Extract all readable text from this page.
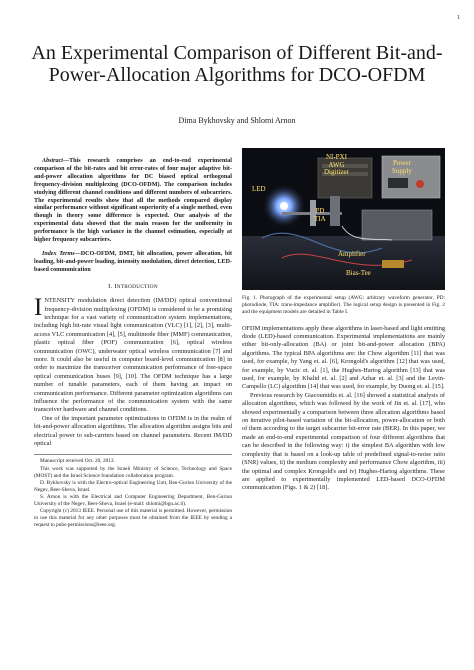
1
An Experimental Comparison of Different Bit-and-Power-Allocation Algorithms for DCO-OFDM
Dima Bykhovsky and Shlomi Arnon

Abstract—This research comprises an end-to-end experimental comparison of the bit-rates and bit error-rates of four major adaptive bit-and-power allocation algorithms for DC biased optical orthogonal frequency-division multiplexing (DCO-OFDM). The comparison includes studying different channel conditions and different numbers of subcarriers. The experimental results show that all the methods compared display similar performance without significant superiority of a single method, even though in theory some difference is expected. Our analysis of the experimental data showed that the main reason for the uniformity in performance is the high variance in the channel estimation, especially at higher frequency subcarriers.

Index Terms—DCO-OFDM, DMT, bit allocation, power allocation, bit loading, bit-and-power loading, intensity modulation, direct detection, LED-based communication

I. INTRODUCTION

INTENSITY modulation direct detection (IM/DD) optical conventional frequency-division multiplexing (OFDM) is considered to be a promising technique for a vast variety of communication system implementations, including high bit-rate visual light communication (VLC) [1], [2], [3], multi-access VLC communication [4], [5], multimode fiber (MMF) communication, plastic optical fiber (POF) communication [6], optical wireless communication (OWC), underwater optical wireless communication [7] and more. It could also be useful in computer board-level communication [8] in order to maximize the transceiver communication performance of free-space optical communication buses [9], [10]. The OFDM technique has a large number of tunable parameters, each of them having an impact on communication performance. Different parameter optimization algorithms can influence the performance of the communication system with the same transceiver hardware and channel conditions.

One of the important parameter optimizations in OFDM is in the realm of bit-and-power allocation algorithms. The allocation algorithm assigns bits and electrical power to sub-carriers based on channel parameters. Recent IM/DD optical

Manuscript received Oct. 20, 2013.

This work was supported by the Israeli Ministry of Science, Technology and Space (MOST) and the Israel Science foundation collaboration program.

D. Bykhovsky is with the Electro-optical Engineering Unit, Ben-Gurion University of the Negev, Beer-Sheva, Israel.

S. Arnon is with the Electrical and Computer Engineering Department, Ben-Gurion University of the Negev, Beer-Sheva, Israel (e-mail: shlomi@bgu.ac.il).

Copyright (c) 2013 IEEE. Personal use of this material is permitted. However, permission to use this material for any other purposes must be obtained from the IEEE by sending a request to pubs-permissions@ieee.org.

LED
NI-PXI
AWG
Digitizer
Power
Supply
PD
TIA
Amplifier
Bias-Tee

Fig. 1. Photograph of the experimental setup (AWG: arbitrary waveform generator, PD: photodiode, TIA: trans-impedance amplifier). The logical setup design is presented in Fig. 2 and the equipment models are detailed in Table I.

OFDM implementations apply these algorithms in laser-based and light emitting diode (LED)-based communication. Experimental implementations are mainly either bit-only-allocation (BA) or joint bit-and-power allocation (BPA) algorithms. The typical BPA algorithms are: the Chow algorithm [11] that was used, for example, by Yang et. al. [6], Krongold's algorithm [12] that was used, for example, by Vucic et. al. [1], the Hughes-Hartog algorithm [13] that was used, for example, by Khalid et. al. [2] and Azhar et. al. [3] and the Levin-Campello (LC) algorithm [14] that was used, for example, by Duong et. al. [15].

Previous research by Giacoumidis et. al. [16] showed a statistical analysis of allocation algorithms, which was followed by the work of Jin et. al. [17], who showed experimentally a comparison between three allocation algorithms based on iterative pilot-based variation of the bit-allocation, power-allocation or both of them according to the target subcarrier bit-error rate (BER). In this paper, we made an end-to-end experimental comparison of four different algorithms that can be described in the following way: i) the simplest BA algorithm with low complexity that is based on a look-up table of predefined signal-to-noise ratio (SNR) values, ii) the medium complexity and performance Chow algorithm, iii) the optimal and complex Krongold's and iv) Hughes-Hartog algorithms. These are applied to experimentally implemented LED-based DCO-OFDM communication (Figs. 1 & 2) [18].
